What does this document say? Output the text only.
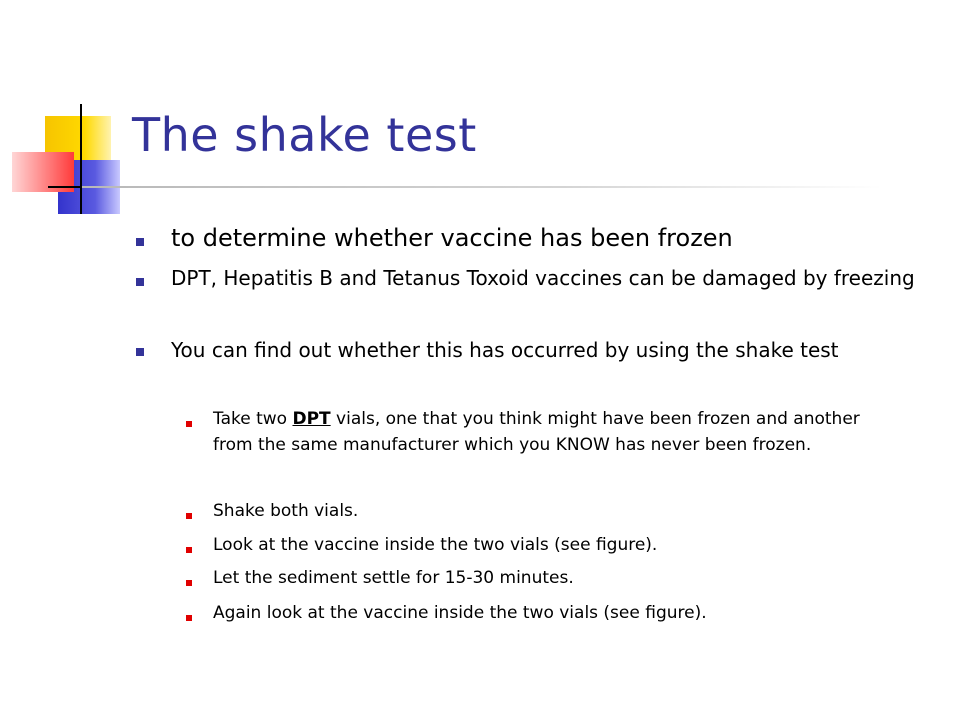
The shake test

to determine whether vaccine has been frozen

DPT, Hepatitis B and Tetanus Toxoid vaccines can be damaged by freezing

You can find out whether this has occurred by using the shake test

Take two DPT vials, one that you think might have been frozen and another from the same manufacturer which you KNOW has never been frozen.

Shake both vials.

Look at the vaccine inside the two vials (see figure).

Let the sediment settle for 15-30 minutes.

Again look at the vaccine inside the two vials (see figure).
